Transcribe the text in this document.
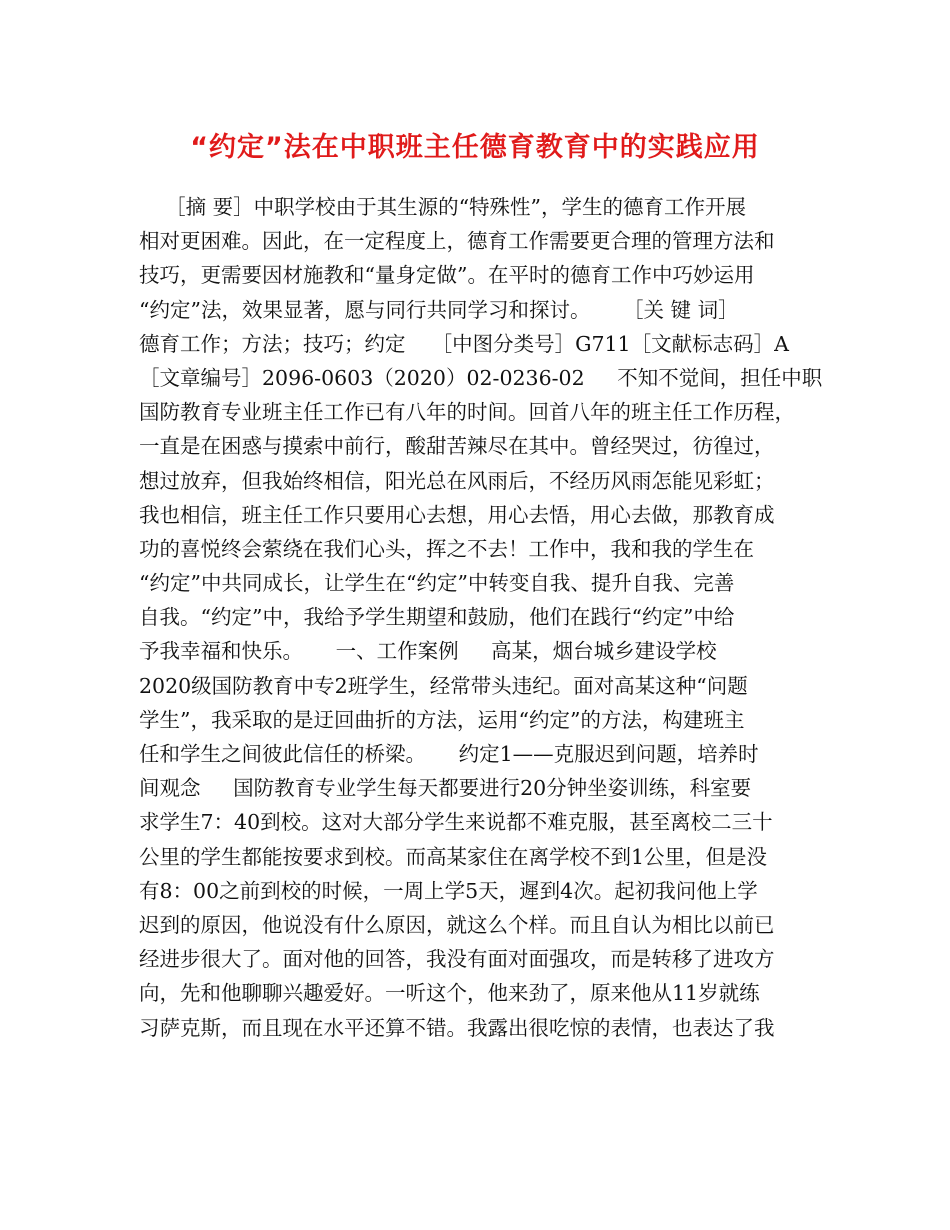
“约定”法在中职班主任德育教育中的实践应用
［摘 要］中职学校由于其生源的“特殊性”，学生的德育工作开展
相对更困难。因此，在一定程度上，德育工作需要更合理的管理方法和
技巧，更需要因材施教和“量身定做”。在平时的德育工作中巧妙运用
“约定”法，效果显著，愿与同行共同学习和探讨。     ［关 键 词］
德育工作；方法；技巧；约定    ［中图分类号］G711［文献标志码］A
［文章编号］2096-0603（2020）02-0236-02     不知不觉间，担任中职
国防教育专业班主任工作已有八年的时间。回首八年的班主任工作历程，
一直是在困惑与摸索中前行，酸甜苦辣尽在其中。曾经哭过，彷徨过，
想过放弃，但我始终相信，阳光总在风雨后，不经历风雨怎能见彩虹；
我也相信，班主任工作只要用心去想，用心去悟，用心去做，那教育成
功的喜悦终会萦绕在我们心头，挥之不去！工作中，我和我的学生在
“约定”中共同成长，让学生在“约定”中转变自我、提升自我、完善
自我。“约定”中，我给予学生期望和鼓励，他们在践行“约定”中给
予我幸福和快乐。     一、工作案例     高某，烟台城乡建设学校
2020级国防教育中专2班学生，经常带头违纪。面对高某这种“问题
学生”，我采取的是迂回曲折的方法，运用“约定”的方法，构建班主
任和学生之间彼此信任的桥梁。     约定1——克服迟到问题，培养时
间观念     国防教育专业学生每天都要进行20分钟坐姿训练，科室要
求学生7：40到校。这对大部分学生来说都不难克服，甚至离校二三十
公里的学生都能按要求到校。而高某家住在离学校不到1公里，但是没
有8：00之前到校的时候，一周上学5天，遲到4次。起初我问他上学
迟到的原因，他说没有什么原因，就这么个样。而且自认为相比以前已
经进步很大了。面对他的回答，我没有面对面强攻，而是转移了进攻方
向，先和他聊聊兴趣爱好。一听这个，他来劲了，原来他从11岁就练
习萨克斯，而且现在水平还算不错。我露出很吃惊的表情，也表达了我
